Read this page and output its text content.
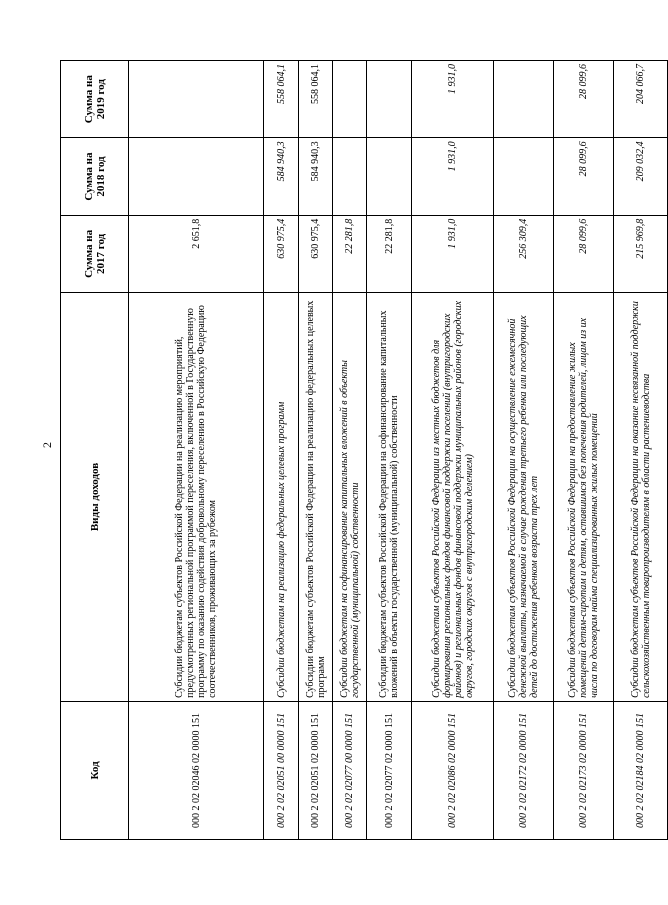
2
Код	Виды доходов	Сумма на 2017 год	Сумма на 2018 год	Сумма на 2019 год
000 2 02 02046 02 0000 151	Субсидии бюджетам субъектов Российской Федерации на реализацию мероприятий, предусмотренных региональной программой переселения, включенной в Государственную программу по оказанию содействия добровольному переселению в Российскую Федерацию соотечественников, проживающих за рубежом	2 651,8		
000 2 02 02051 00 0000 151	Субсидии бюджетам на реализацию федеральных целевых программ	630 975,4	584 940,3	558 064,1
000 2 02 02051 02 0000 151	Субсидии бюджетам субъектов Российской Федерации на реализацию федеральных целевых программ	630 975,4	584 940,3	558 064,1
000 2 02 02077 00 0000 151	Субсидии бюджетам на софинансирование капитальных вложений в объекты государственной (муниципальной) собственности	22 281,8		
000 2 02 02077 02 0000 151	Субсидии бюджетам субъектов Российской Федерации на софинансирование капитальных вложений в объекты государственной (муниципальной) собственности	22 281,8		
000 2 02 02086 02 0000 151	Субсидии бюджетам субъектов Российской Федерации из местных бюджетов для формирования региональных фондов финансовой поддержки поселений (внутригородских районов) и региональных фондов финансовой поддержки муниципальных районов (городских округов, городских округов с внутригородским делением)	1 931,0	1 931,0	1 931,0
000 2 02 02172 02 0000 151	Субсидии бюджетам субъектов Российской Федерации на осуществление ежемесячной денежной выплаты, назначаемой в случае рождения третьего ребенка или последующих детей до достижения ребенком возраста трех лет	256 309,4		
000 2 02 02173 02 0000 151	Субсидии бюджетам субъектов Российской Федерации на предоставление жилых помещений детям-сиротам и детям, оставшимся без попечения родителей, лицам из их числа по договорам найма специализированных жилых помещений	28 099,6	28 099,6	28 099,6
000 2 02 02184 02 0000 151	Субсидии бюджетам субъектов Российской Федерации на оказание несвязанной поддержки сельскохозяйственным товаропроизводителям в области растениеводства	215 969,8	209 032,4	204 066,7
